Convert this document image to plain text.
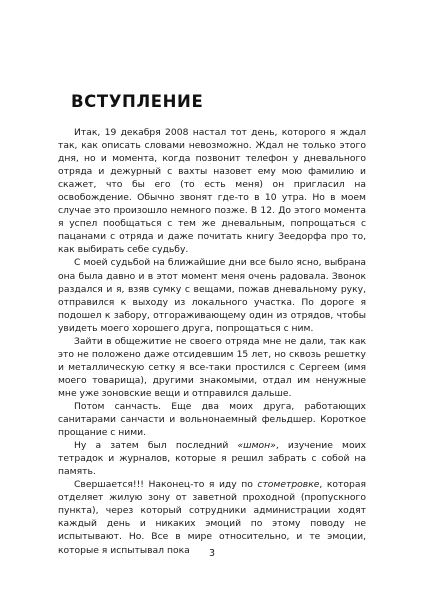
ВСТУПЛЕНИЕ

Итак, 19 декабря 2008 настал тот день, которого я ждал так, как описать словами невозможно. Ждал не только этого дня, но и момента, когда позвонит телефон у дневального отряда и дежурный с вахты назовет ему мою фамилию и скажет, что бы его (то есть меня) он пригласил на освобождение. Обычно звонят где-то в 10 утра. Но в моем случае это произошло немного позже. В 12. До этого момента я успел пообщаться с тем же дневальным, попрощаться с пацанами с отряда и даже почитать книгу Зеедорфа про то, как выбирать себе судьбу.

С моей судьбой на ближайшие дни все было ясно, выбрана она была давно и в этот момент меня очень радовала. Звонок раздался и я, взяв сумку с вещами, пожав дневальному руку, отправился к выходу из локального участка. По дороге я подошел к забору, отгораживающему один из отрядов, чтобы увидеть моего хорошего друга, попрощаться с ним.

Зайти в общежитие не своего отряда мне не дали, так как это не положено даже отсидевшим 15 лет, но сквозь решетку и металлическую сетку я все-таки простился с Сергеем (имя моего товарища), другими знакомыми, отдал им ненужные мне уже зоновские вещи и отправился дальше.

Потом санчасть. Еще два моих друга, работающих санитарами санчасти и вольнонаемный фельдшер. Короткое прощание с ними.

Ну а затем был последний «шмон», изучение моих тетрадок и журналов, которые я решил забрать с собой на память.

Свершается!!! Наконец-то я иду по стометровке, которая отделяет жилую зону от заветной проходной (пропускного пункта), через который сотрудники администрации ходят каждый день и никаких эмоций по этому поводу не испытывают. Но. Все в мире относительно, и те эмоции, которые я испытывал пока	3
